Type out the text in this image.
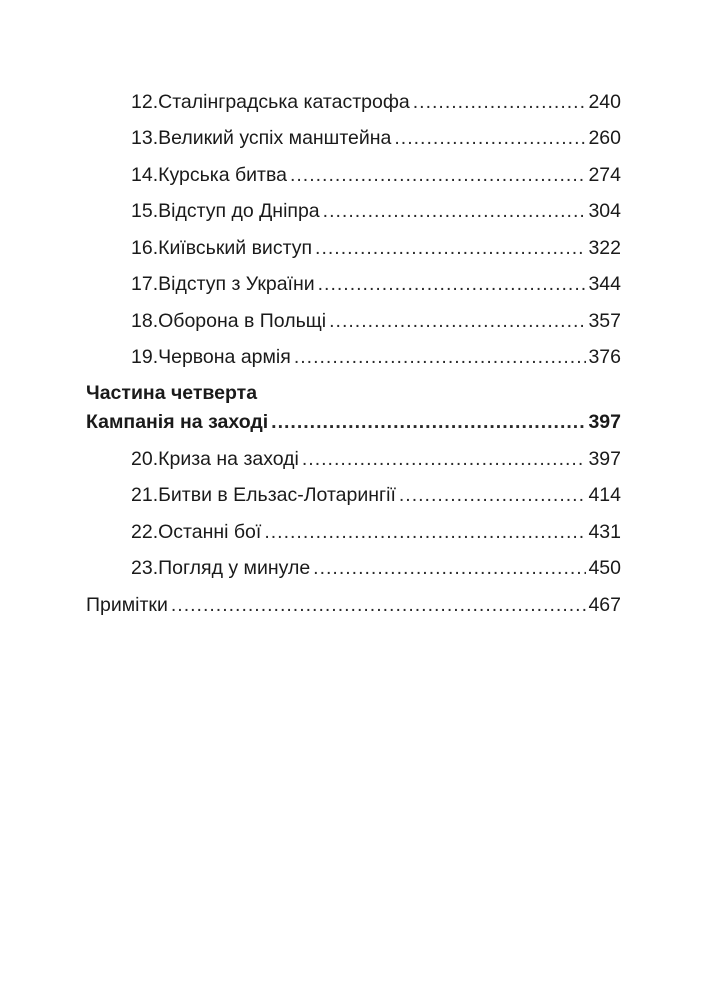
12.Сталінградська катастрофа .....	240
13.Великий успіх манштейна .....	260
14.Курська битва .....	274
15.Відступ до Дніпра .....	304
16.Київський виступ .....	322
17.Відступ з України .....	344
18.Оборона в Польщі .....	357
19.Червона армія .....	376
Частина четверта
Кампанія на заході .....	397
20.Криза на заході .....	397
21.Битви в Ельзас-Лотарингії .....	414
22.Останні бої .....	431
23.Погляд у минуле .....	450
Примітки .....	467
